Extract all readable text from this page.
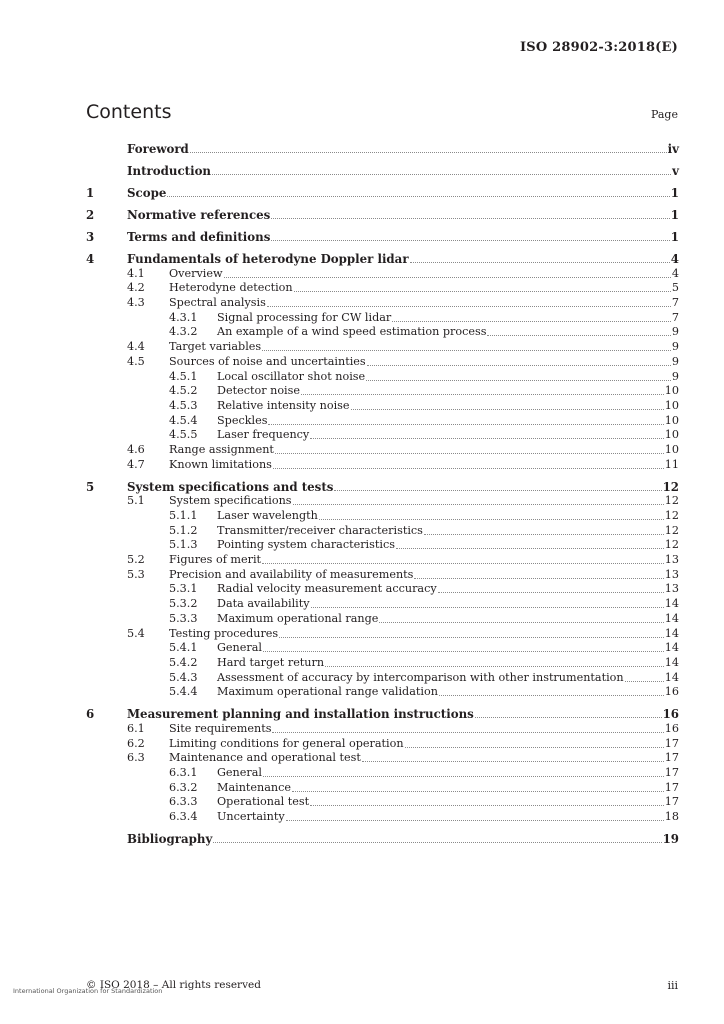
ISO 28902-3:2018(E)
Contents	Page
Foreword	iv
Introduction	v
1	Scope	1
2	Normative references	1
3	Terms and definitions	1
4	Fundamentals of heterodyne Doppler lidar	4
4.1	Overview	4
4.2	Heterodyne detection	5
4.3	Spectral analysis	7
4.3.1	Signal processing for CW lidar	7
4.3.2	An example of a wind speed estimation process	9
4.4	Target variables	9
4.5	Sources of noise and uncertainties	9
4.5.1	Local oscillator shot noise	9
4.5.2	Detector noise	10
4.5.3	Relative intensity noise	10
4.5.4	Speckles	10
4.5.5	Laser frequency	10
4.6	Range assignment	10
4.7	Known limitations	11
5	System specifications and tests	12
5.1	System specifications	12
5.1.1	Laser wavelength	12
5.1.2	Transmitter/receiver characteristics	12
5.1.3	Pointing system characteristics	12
5.2	Figures of merit	13
5.3	Precision and availability of measurements	13
5.3.1	Radial velocity measurement accuracy	13
5.3.2	Data availability	14
5.3.3	Maximum operational range	14
5.4	Testing procedures	14
5.4.1	General	14
5.4.2	Hard target return	14
5.4.3	Assessment of accuracy by intercomparison with other instrumentation	14
5.4.4	Maximum operational range validation	16
6	Measurement planning and installation instructions	16
6.1	Site requirements	16
6.2	Limiting conditions for general operation	17
6.3	Maintenance and operational test	17
6.3.1	General	17
6.3.2	Maintenance	17
6.3.3	Operational test	17
6.3.4	Uncertainty	18
Bibliography	19
© ISO 2018 – All rights reserved
International Organization for Standardization	iii
